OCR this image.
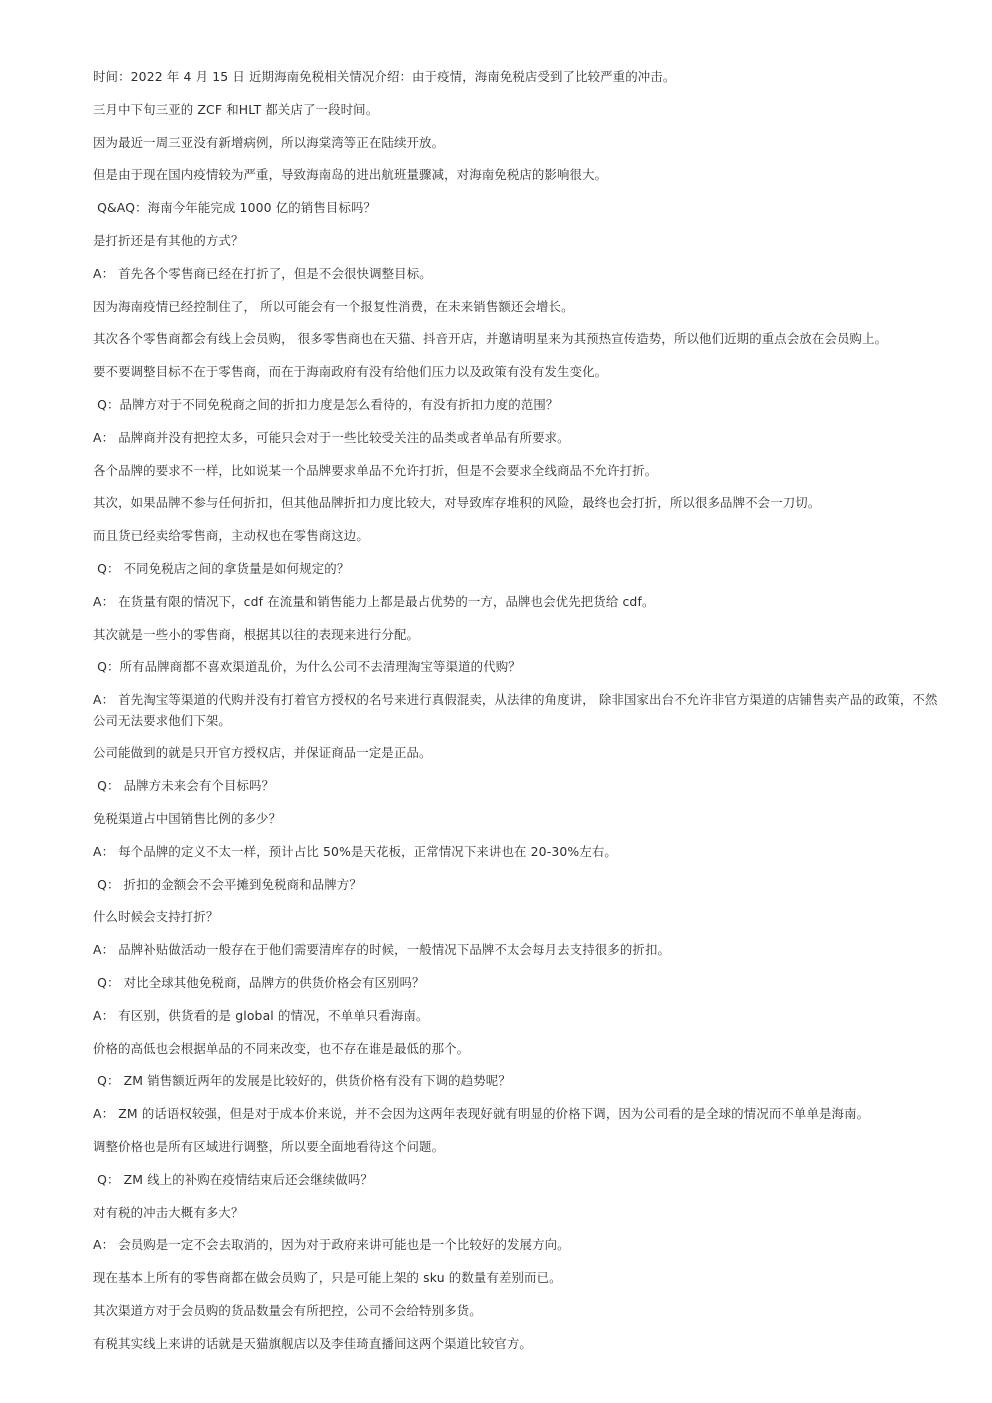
时间：2022 年 4 月 15 日 近期海南免税相关情况介绍：由于疫情，海南免税店受到了比较严重的冲击。

三月中下旬三亚的 ZCF 和HLT 都关店了一段时间。

因为最近一周三亚没有新增病例，所以海棠湾等正在陆续开放。

但是由于现在国内疫情较为严重，导致海南岛的进出航班量骤减，对海南免税店的影响很大。

Q&AQ：海南今年能完成 1000 亿的销售目标吗？

是打折还是有其他的方式？

A： 首先各个零售商已经在打折了，但是不会很快调整目标。

因为海南疫情已经控制住了， 所以可能会有一个报复性消费，在未来销售额还会增长。

其次各个零售商都会有线上会员购， 很多零售商也在天猫、抖音开店，并邀请明星来为其预热宣传造势，所以他们近期的重点会放在会员购上。

要不要调整目标不在于零售商，而在于海南政府有没有给他们压力以及政策有没有发生变化。

Q：品牌方对于不同免税商之间的折扣力度是怎么看待的，有没有折扣力度的范围？

A： 品牌商并没有把控太多，可能只会对于一些比较受关注的品类或者单品有所要求。

各个品牌的要求不一样，比如说某一个品牌要求单品不允许打折，但是不会要求全线商品不允许打折。

其次，如果品牌不参与任何折扣，但其他品牌折扣力度比较大，对导致库存堆积的风险，最终也会打折，所以很多品牌不会一刀切。

而且货已经卖给零售商，主动权也在零售商这边。

Q： 不同免税店之间的拿货量是如何规定的？

A： 在货量有限的情况下，cdf 在流量和销售能力上都是最占优势的一方，品牌也会优先把货给 cdf。

其次就是一些小的零售商，根据其以往的表现来进行分配。

Q：所有品牌商都不喜欢渠道乱价，为什么公司不去清理淘宝等渠道的代购？

A： 首先淘宝等渠道的代购并没有打着官方授权的名号来进行真假混卖，从法律的角度讲， 除非国家出台不允许非官方渠道的店铺售卖产品的政策，不然公司无法要求他们下架。

公司能做到的就是只开官方授权店，并保证商品一定是正品。

Q： 品牌方未来会有个目标吗？

免税渠道占中国销售比例的多少？

A： 每个品牌的定义不太一样，预计占比 50%是天花板，正常情况下来讲也在 20-30%左右。

Q： 折扣的金额会不会平摊到免税商和品牌方？

什么时候会支持打折？

A： 品牌补贴做活动一般存在于他们需要清库存的时候，一般情况下品牌不太会每月去支持很多的折扣。

Q： 对比全球其他免税商，品牌方的供货价格会有区别吗？

A： 有区别，供货看的是 global 的情况，不单单只看海南。

价格的高低也会根据单品的不同来改变，也不存在谁是最低的那个。

Q： ZM 销售额近两年的发展是比较好的，供货价格有没有下调的趋势呢？

A： ZM 的话语权较强，但是对于成本价来说，并不会因为这两年表现好就有明显的价格下调，因为公司看的是全球的情况而不单单是海南。

调整价格也是所有区域进行调整，所以要全面地看待这个问题。

Q： ZM 线上的补购在疫情结束后还会继续做吗？

对有税的冲击大概有多大？

A： 会员购是一定不会去取消的，因为对于政府来讲可能也是一个比较好的发展方向。

现在基本上所有的零售商都在做会员购了，只是可能上架的 sku 的数量有差别而已。

其次渠道方对于会员购的货品数量会有所把控，公司不会给特别多货。

有税其实线上来讲的话就是天猫旗舰店以及李佳琦直播间这两个渠道比较官方。
